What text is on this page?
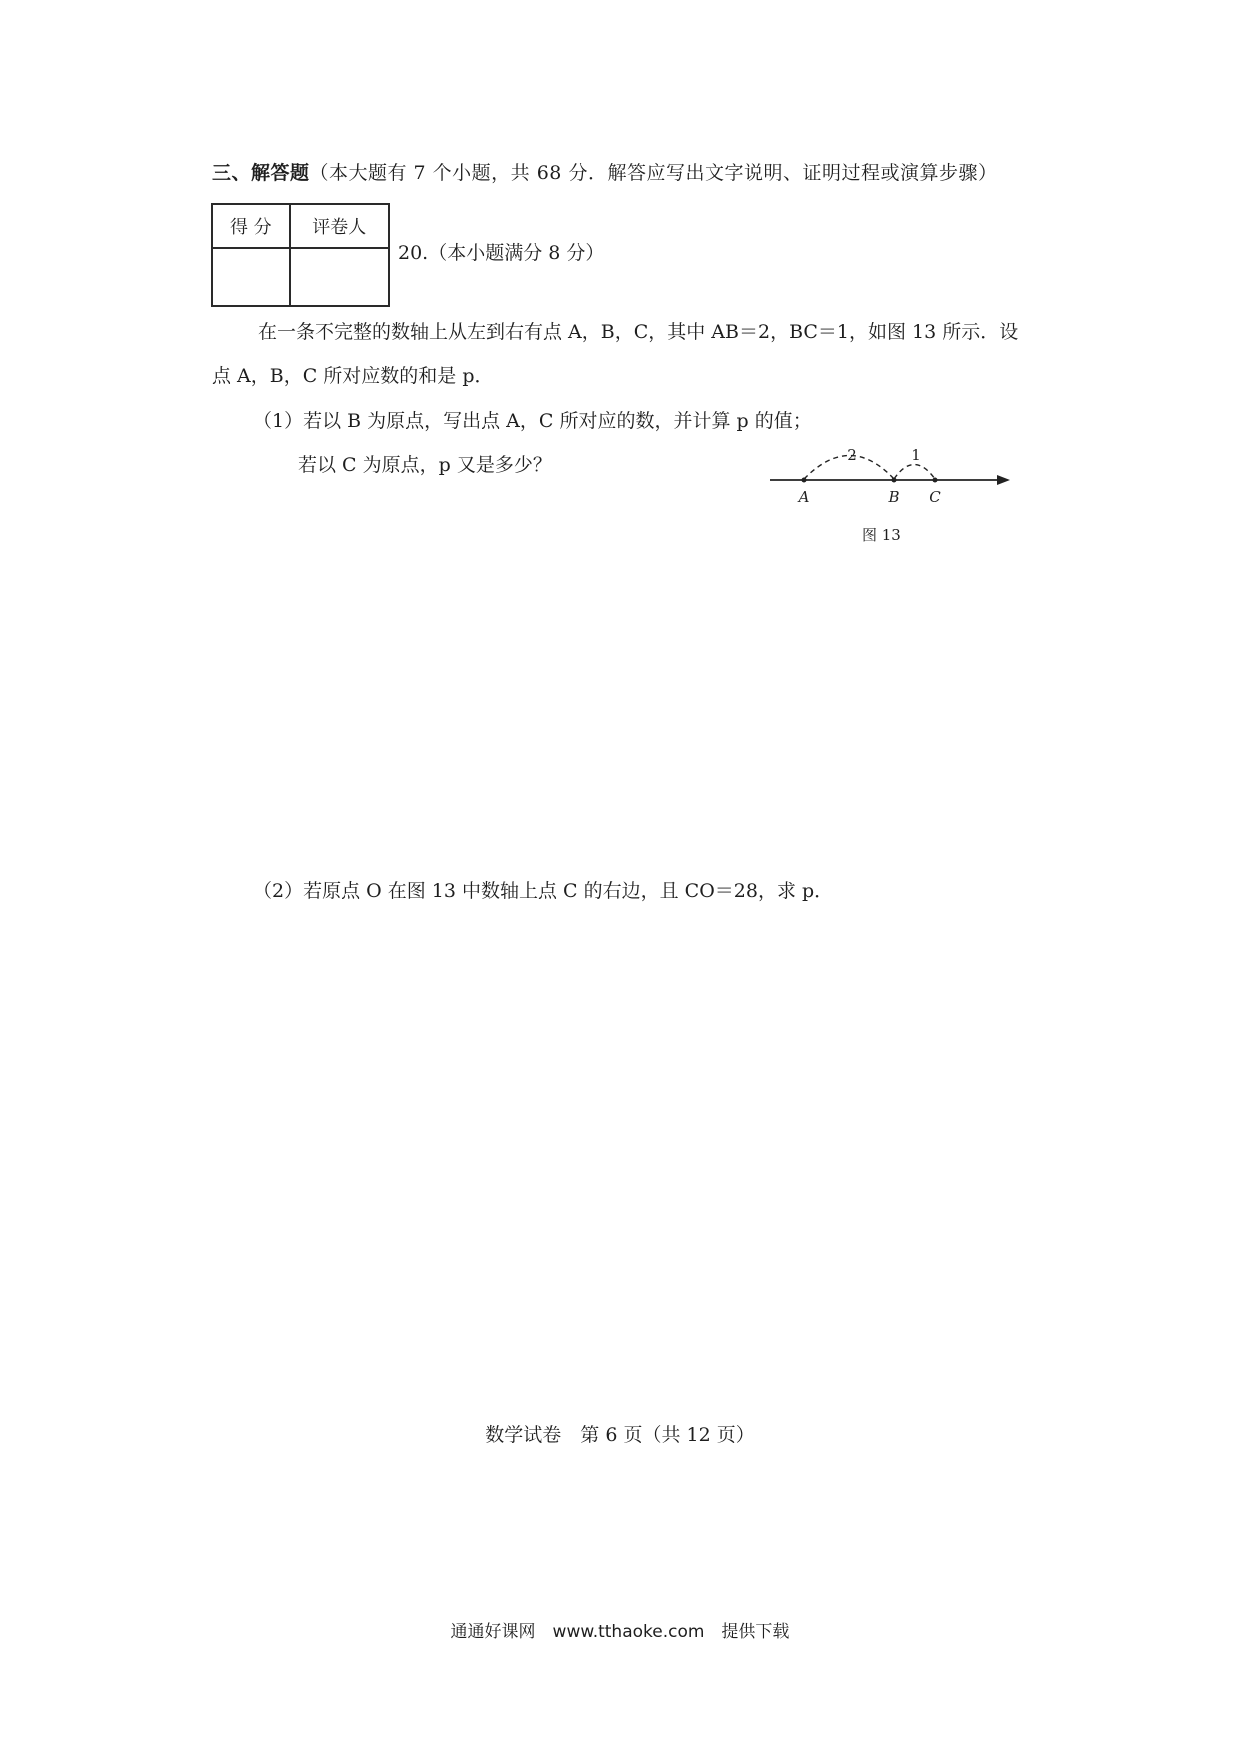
三、解答题（本大题有 7 个小题，共 68 分．解答应写出文字说明、证明过程或演算步骤）
得 分	评卷人

20.（本小题满分 8 分）
在一条不完整的数轴上从左到右有点 A，B，C，其中 AB＝2，BC＝1，如图 13 所示．设
点 A，B，C 所对应数的和是 p．
（1）若以 B 为原点，写出点 A，C 所对应的数，并计算 p 的值；
若以 C 为原点，p 又是多少？	2	1
A	B C
图 13
（2）若原点 O 在图 13 中数轴上点 C 的右边，且 CO＝28，求 p．
数学试卷　第 6 页（共 12 页）
通通好课网　www.tthaoke.com　提供下载
